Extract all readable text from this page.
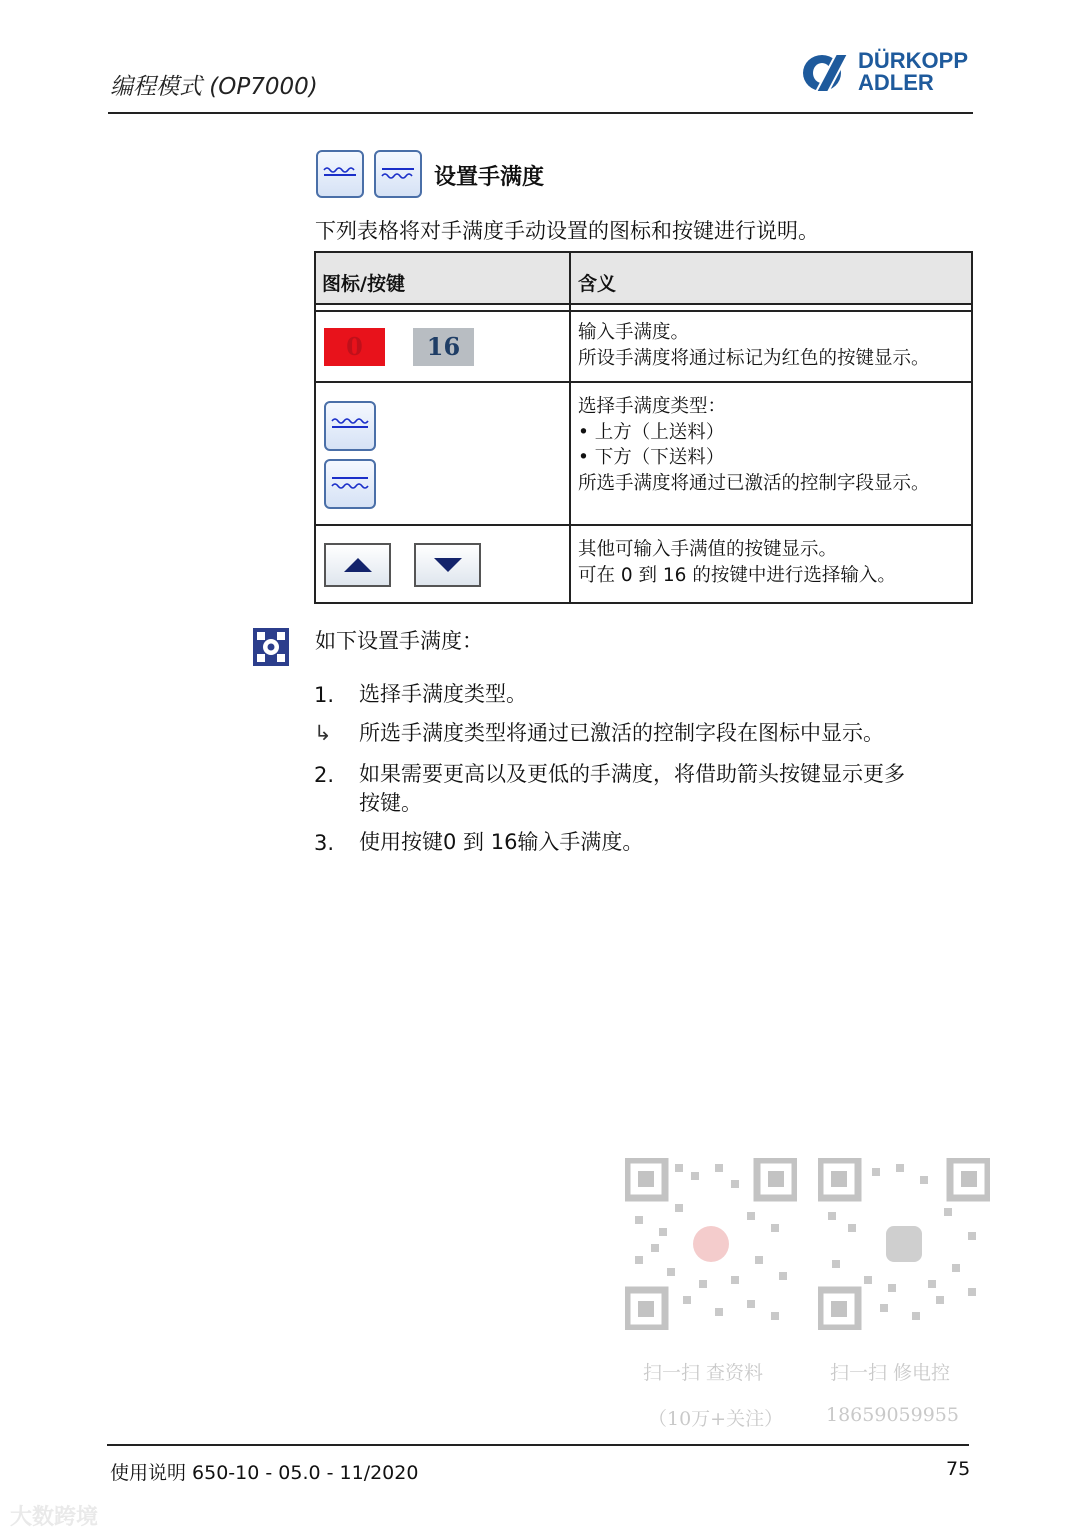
编程模式 (OP7000)
DÜRKOPP
ADLER
设置手满度
下列表格将对手满度手动设置的图标和按键进行说明。
图标/按键	含义
0	16	输入手满度。
所设手满度将通过标记为红色的按键显示。
选择手满度类型：
• 上方（上送料）
• 下方（下送料）
所选手满度将通过已激活的控制字段显示。
其他可输入手满值的按键显示。
可在 0 到 16 的按键中进行选择输入。
如下设置手满度：
1. 选择手满度类型。
↳ 所选手满度类型将通过已激活的控制字段在图标中显示。
2. 如果需要更高以及更低的手满度，将借助箭头按键显示更多
按键。
3. 使用按键0 到 16输入手满度。
扫一扫 查资料
（10万+关注）
扫一扫 修电控
18659059955
使用说明 650-10 - 05.0 - 11/2020	75
大数跨境
